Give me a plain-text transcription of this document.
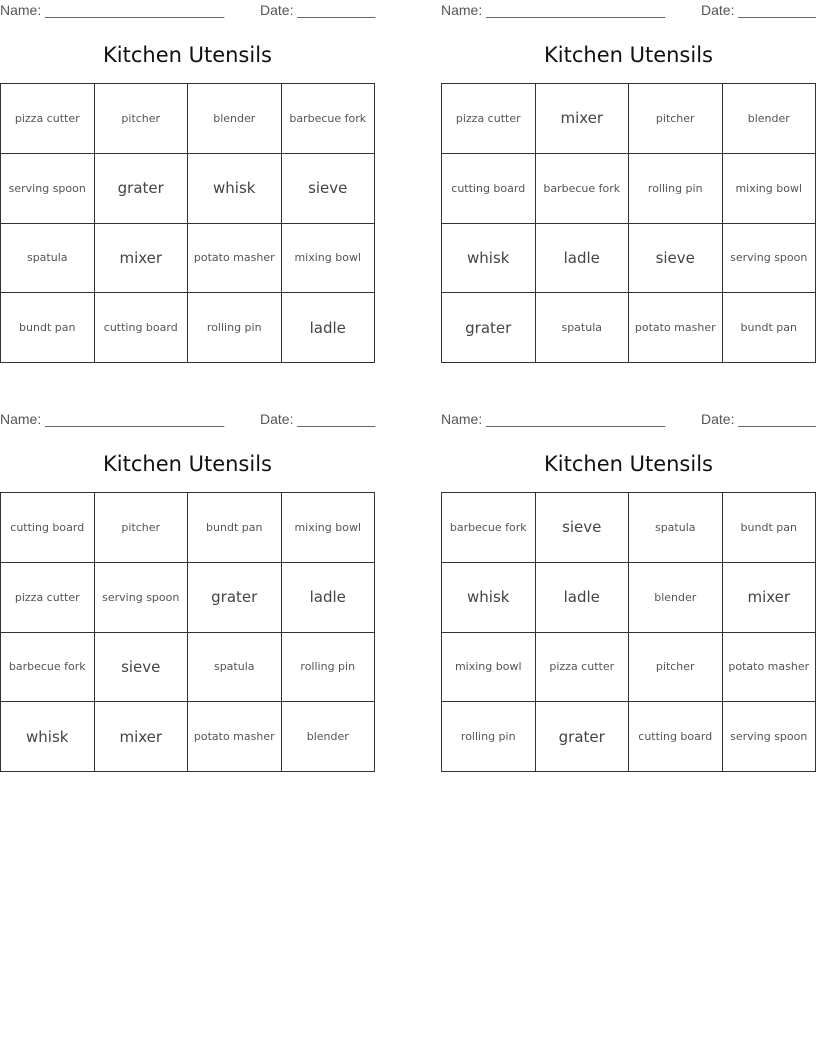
Name: _______________________	Date: __________
Kitchen Utensils
pizza cutter	pitcher	blender	barbecue fork
serving spoon	grater	whisk	sieve
spatula	mixer	potato masher	mixing bowl
bundt pan	cutting board	rolling pin	ladle
Name: _______________________	Date: __________
Kitchen Utensils
pizza cutter	mixer	pitcher	blender
cutting board	barbecue fork	rolling pin	mixing bowl
whisk	ladle	sieve	serving spoon
grater	spatula	potato masher	bundt pan
Name: _______________________	Date: __________
Kitchen Utensils
cutting board	pitcher	bundt pan	mixing bowl
pizza cutter	serving spoon	grater	ladle
barbecue fork	sieve	spatula	rolling pin
whisk	mixer	potato masher	blender
Name: _______________________	Date: __________
Kitchen Utensils
barbecue fork	sieve	spatula	bundt pan
whisk	ladle	blender	mixer
mixing bowl	pizza cutter	pitcher	potato masher
rolling pin	grater	cutting board	serving spoon
